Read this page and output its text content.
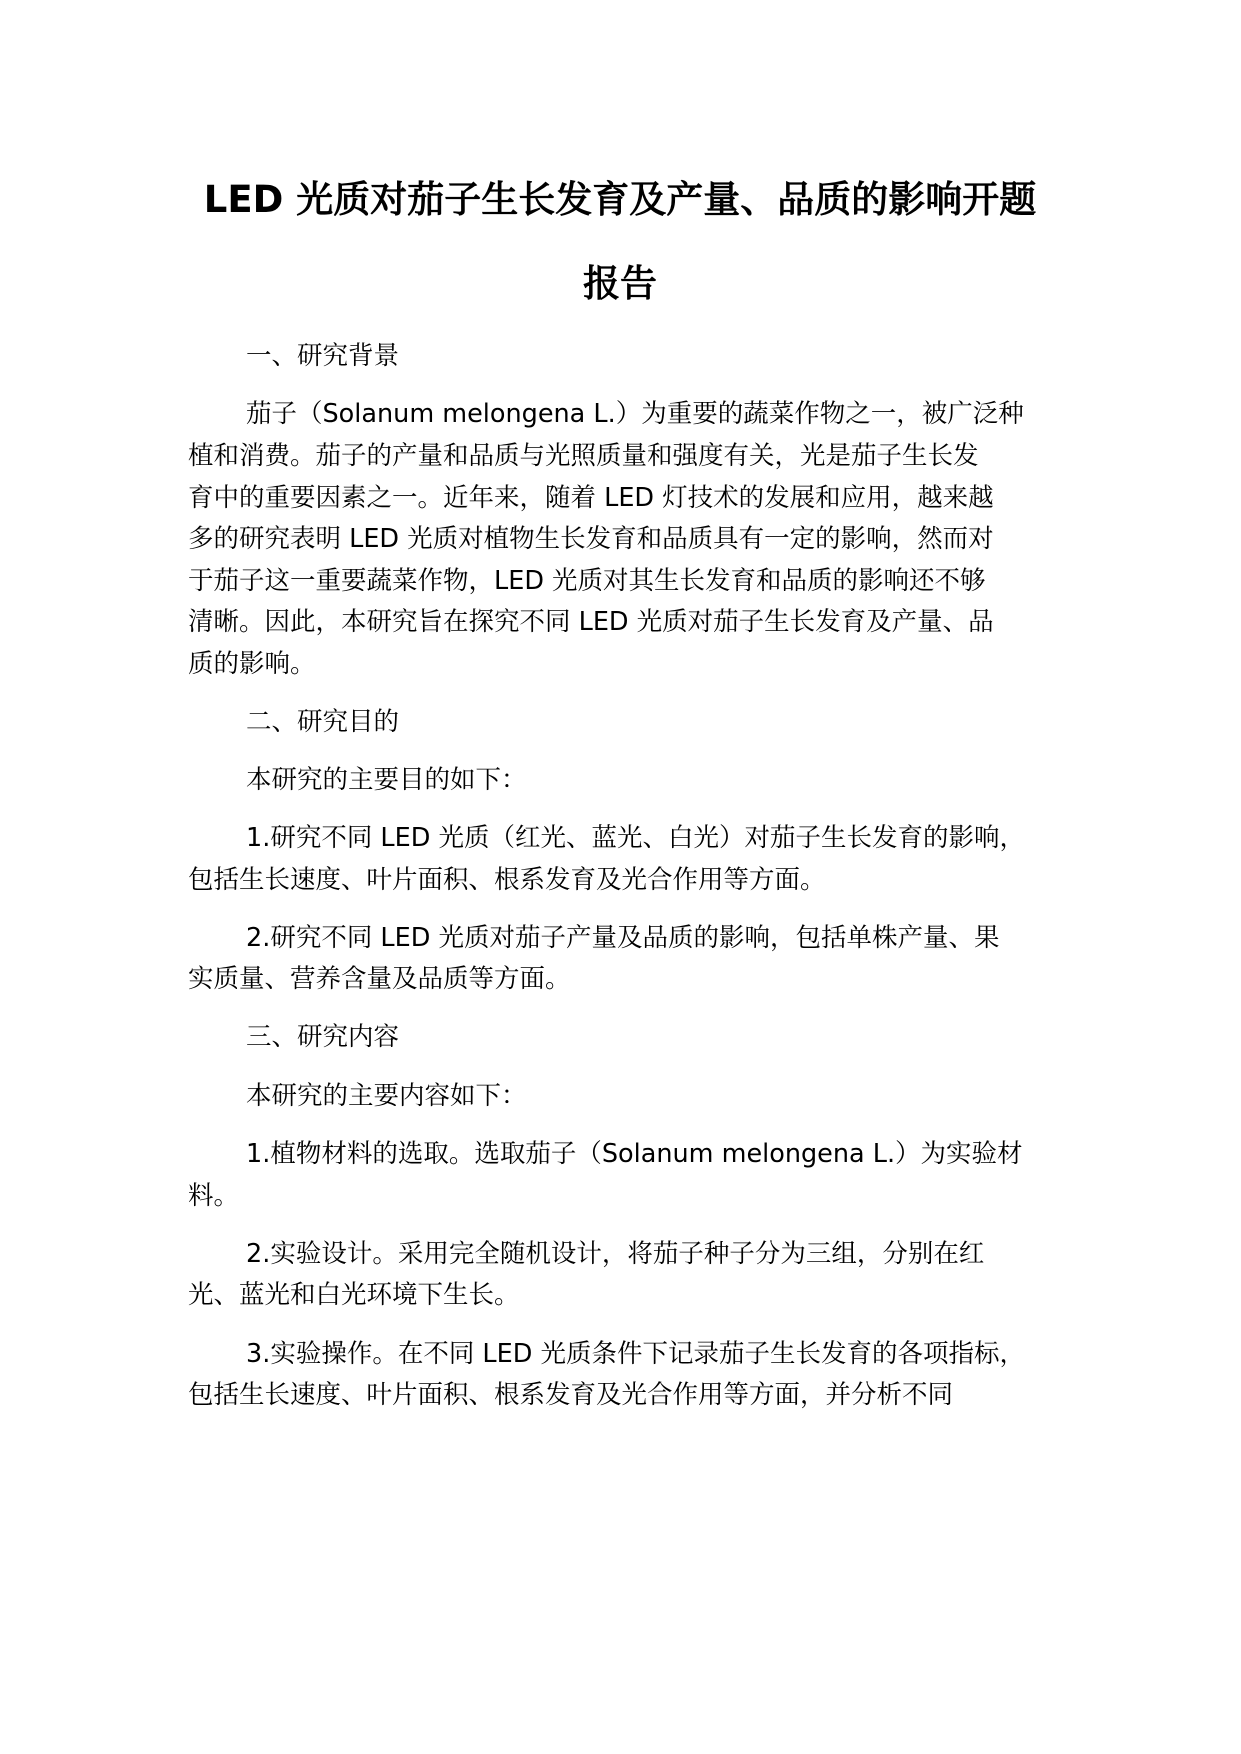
LED 光质对茄子生长发育及产量、品质的影响开题
报告
一、研究背景
茄子（Solanum melongena L.）为重要的蔬菜作物之一，被广泛种
植和消费。茄子的产量和品质与光照质量和强度有关，光是茄子生长发
育中的重要因素之一。近年来，随着 LED 灯技术的发展和应用，越来越
多的研究表明 LED 光质对植物生长发育和品质具有一定的影响，然而对
于茄子这一重要蔬菜作物，LED 光质对其生长发育和品质的影响还不够
清晰。因此，本研究旨在探究不同 LED 光质对茄子生长发育及产量、品
质的影响。
二、研究目的
本研究的主要目的如下：
1.研究不同 LED 光质（红光、蓝光、白光）对茄子生长发育的影响，
包括生长速度、叶片面积、根系发育及光合作用等方面。
2.研究不同 LED 光质对茄子产量及品质的影响，包括单株产量、果
实质量、营养含量及品质等方面。
三、研究内容
本研究的主要内容如下：
1.植物材料的选取。选取茄子（Solanum melongena L.）为实验材
料。
2.实验设计。采用完全随机设计，将茄子种子分为三组，分别在红
光、蓝光和白光环境下生长。
3.实验操作。在不同 LED 光质条件下记录茄子生长发育的各项指标，
包括生长速度、叶片面积、根系发育及光合作用等方面，并分析不同
